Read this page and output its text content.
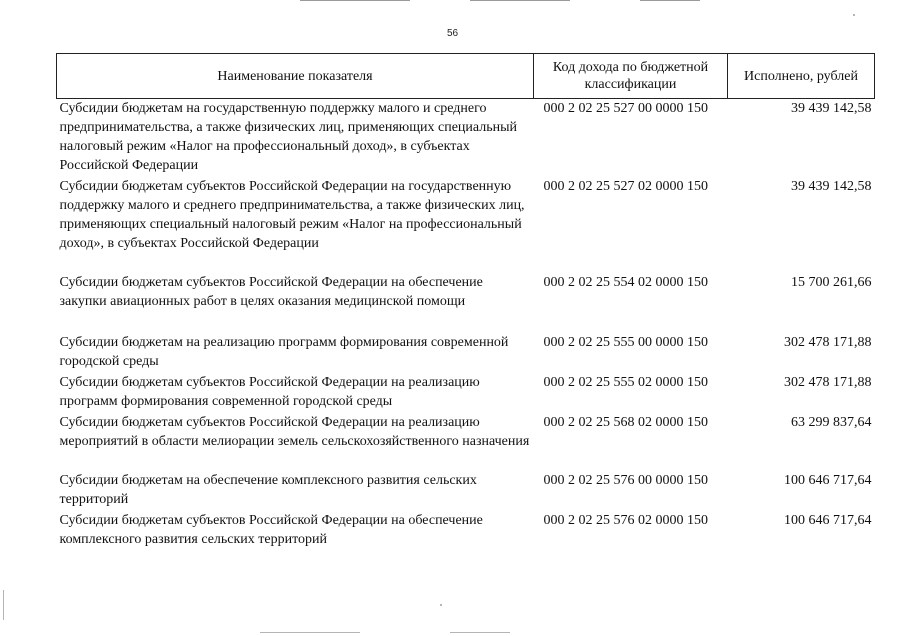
56
Наименование показателя	Код дохода по бюджетной классификации	Исполнено, рублей
Субсидии бюджетам на государственную поддержку малого и среднего предпринимательства, а также физических лиц, применяющих специальный налоговый режим «Налог на профессиональный доход», в субъектах Российской Федерации	000 2 02 25 527 00 0000 150	39 439 142,58
Субсидии бюджетам субъектов Российской Федерации на государственную поддержку малого и среднего предпринимательства, а также физических лиц, применяющих специальный налоговый режим «Налог на профессиональный доход», в субъектах Российской Федерации	000 2 02 25 527 02 0000 150	39 439 142,58
Субсидии бюджетам субъектов Российской Федерации на обеспечение закупки авиационных работ в целях оказания медицинской помощи	000 2 02 25 554 02 0000 150	15 700 261,66
Субсидии бюджетам на реализацию программ формирования современной городской среды	000 2 02 25 555 00 0000 150	302 478 171,88
Субсидии бюджетам субъектов Российской Федерации на реализацию программ формирования современной городской среды	000 2 02 25 555 02 0000 150	302 478 171,88
Субсидии бюджетам субъектов Российской Федерации на реализацию мероприятий в области мелиорации земель сельскохозяйственного назначения	000 2 02 25 568 02 0000 150	63 299 837,64
Субсидии бюджетам на обеспечение комплексного развития сельских территорий	000 2 02 25 576 00 0000 150	100 646 717,64
Субсидии бюджетам субъектов Российской Федерации на обеспечение комплексного развития сельских территорий	000 2 02 25 576 02 0000 150	100 646 717,64
